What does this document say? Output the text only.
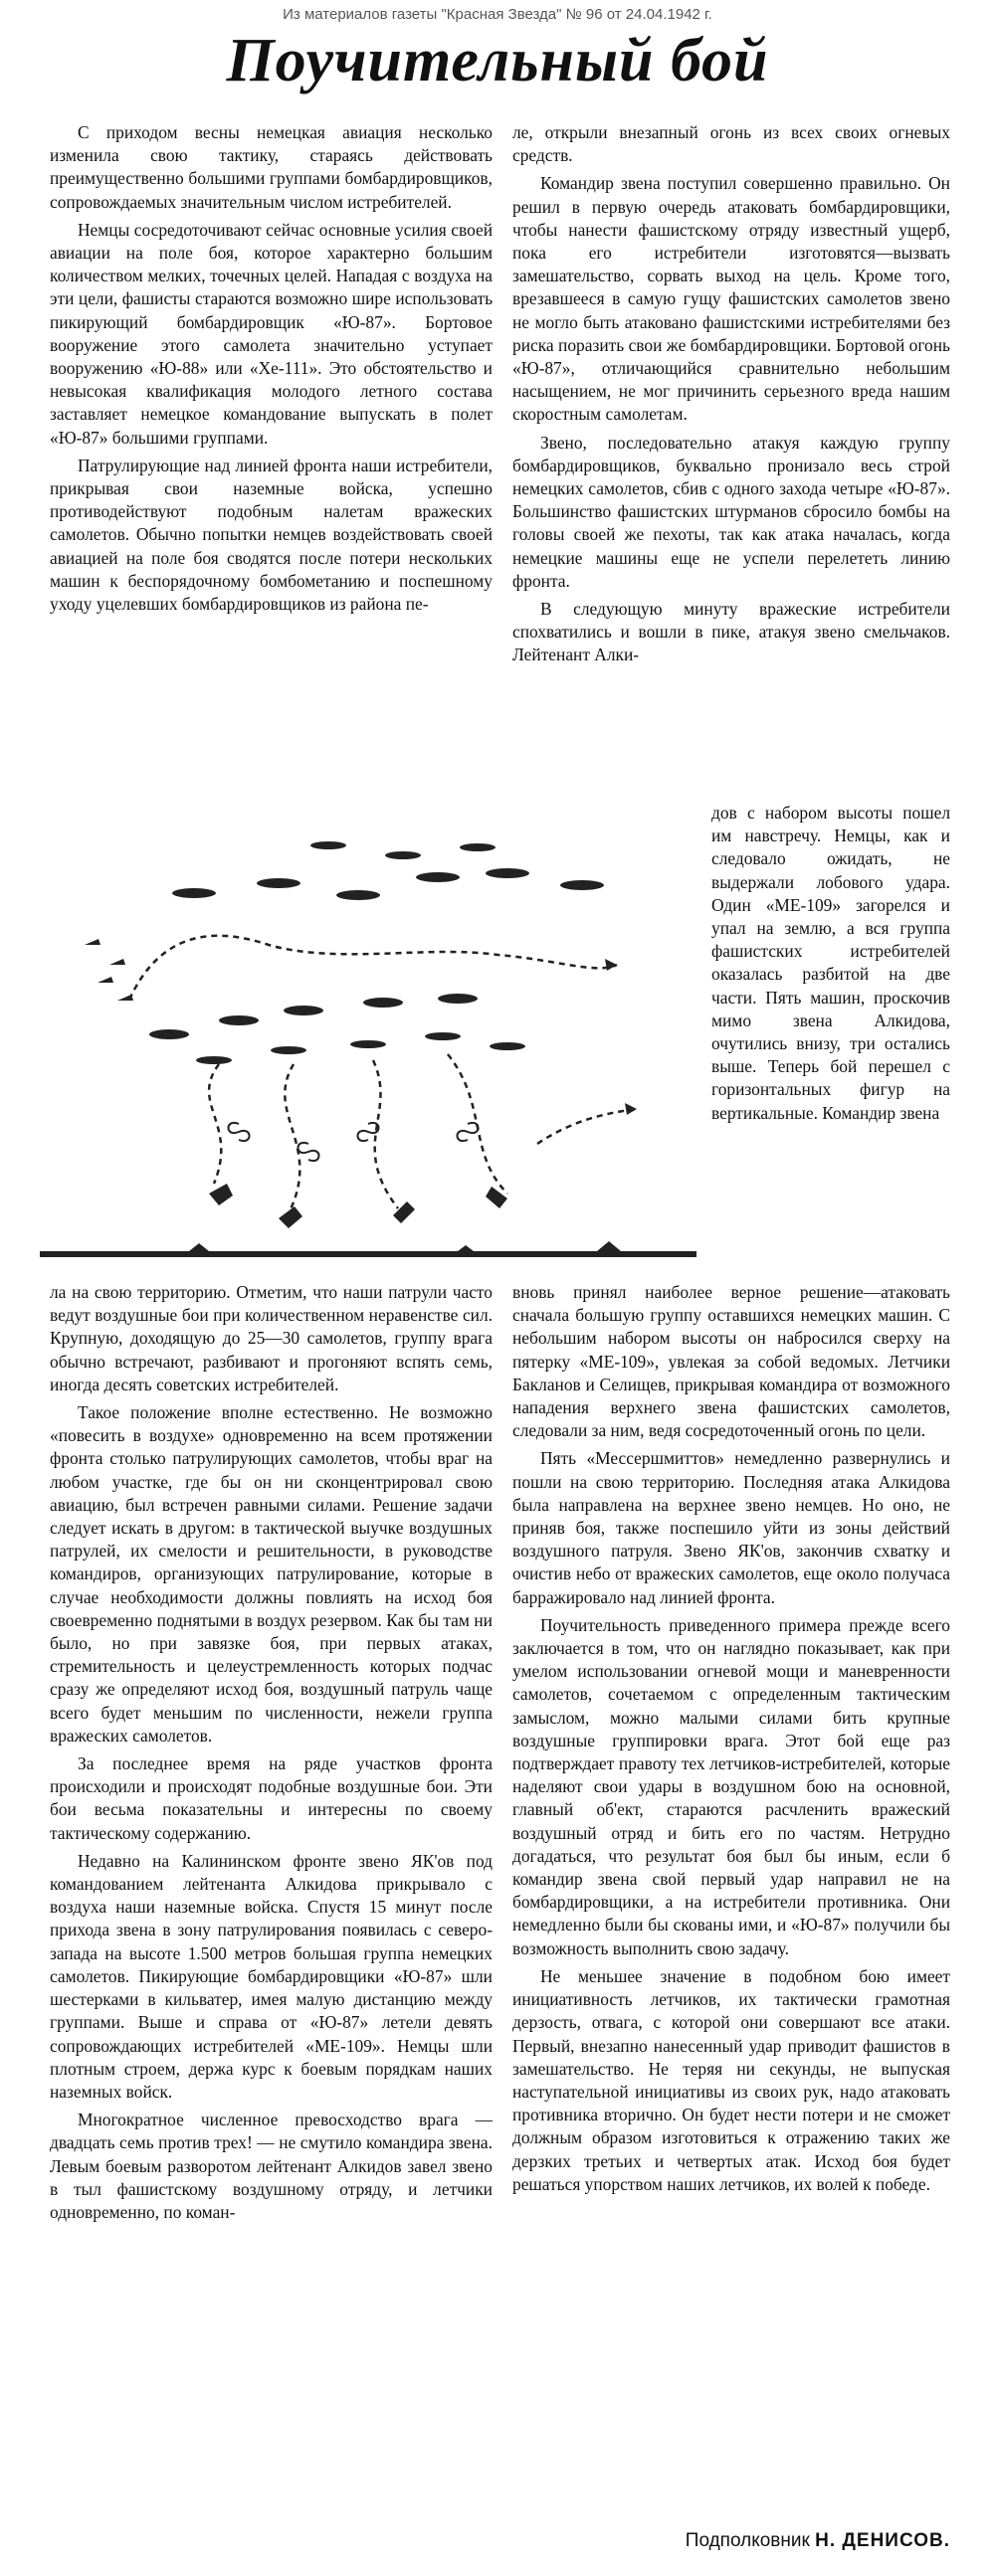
Из материалов газеты "Красная Звезда" № 96 от 24.04.1942 г.
Поучительный бой

С приходом весны немецкая авиация несколько изменила свою тактику, стараясь действовать преимущественно большими группами бомбардировщиков, сопровождаемых значительным числом истребителей.

Немцы сосредоточивают сейчас основные усилия своей авиации на поле боя, которое характерно большим количеством мелких, точечных целей. Нападая с воздуха на эти цели, фашисты стараются возможно шире использовать пикирующий бомбардировщик «Ю-87». Бортовое вооружение этого самолета значительно уступает вооружению «Ю-88» или «Хе-111». Это обстоятельство и невысокая квалификация молодого летного состава заставляет немецкое командование выпускать в полет «Ю-87» большими группами.

Патрулирующие над линией фронта наши истребители, прикрывая свои наземные войска, успешно противодействуют подобным налетам вражеских самолетов. Обычно попытки немцев воздействовать своей авиацией на поле боя сводятся после потери нескольких машин к беспорядочному бомбометанию и поспешному уходу уцелевших бомбардировщиков из района пе-

ле, открыли внезапный огонь из всех своих огневых средств.

Командир звена поступил совершенно правильно. Он решил в первую очередь атаковать бомбардировщики, чтобы нанести фашистскому отряду известный ущерб, пока его истребители изготовятся—вызвать замешательство, сорвать выход на цель. Кроме того, врезавшееся в самую гущу фашистских самолетов звено не могло быть атаковано фашистскими истребителями без риска поразить свои же бомбардировщики. Бортовой огонь «Ю-87», отличающийся сравнительно небольшим насыщением, не мог причинить серьезного вреда нашим скоростным самолетам.

Звено, последовательно атакуя каждую группу бомбардировщиков, буквально пронизало весь строй немецких самолетов, сбив с одного захода четыре «Ю-87». Большинство фашистских штурманов сбросило бомбы на головы своей же пехоты, так как атака началась, когда немецкие машины еще не успели перелететь линию фронта.

В следующую минуту вражеские истребители спохватились и вошли в пике, атакуя звено смельчаков. Лейтенант Алки-

дов с набором высоты пошел им навстречу. Немцы, как и следовало ожидать, не выдержали лобового удара. Один «МЕ-109» загорелся и упал на землю, а вся группа фашистских истребителей оказалась разбитой на две части. Пять машин, проскочив мимо звена Алкидова, очутились внизу, три остались выше. Теперь бой перешел с горизонтальных фигур на вертикальные. Командир звена

ла на свою территорию. Отметим, что наши патрули часто ведут воздушные бои при количественном неравенстве сил. Крупную, доходящую до 25—30 самолетов, группу врага обычно встречают, разбивают и прогоняют вспять семь, иногда десять советских истребителей.

Такое положение вполне естественно. Не возможно «повесить в воздухе» одновременно на всем протяжении фронта столько патрулирующих самолетов, чтобы враг на любом участке, где бы он ни сконцентрировал свою авиацию, был встречен равными силами. Решение задачи следует искать в другом: в тактической выучке воздушных патрулей, их смелости и решительности, в руководстве командиров, организующих патрулирование, которые в случае необходимости должны повлиять на исход боя своевременно поднятыми в воздух резервом. Как бы там ни было, но при завязке боя, при первых атаках, стремительность и целеустремленность которых подчас сразу же определяют исход боя, воздушный патруль чаще всего будет меньшим по численности, нежели группа вражеских самолетов.

За последнее время на ряде участков фронта происходили и происходят подобные воздушные бои. Эти бои весьма показательны и интересны по своему тактическому содержанию.

Недавно на Калининском фронте звено ЯК'ов под командованием лейтенанта Алкидова прикрывало с воздуха наши наземные войска. Спустя 15 минут после прихода звена в зону патрулирования появилась с северо-запада на высоте 1.500 метров большая группа немецких самолетов. Пикирующие бомбардировщики «Ю-87» шли шестерками в кильватер, имея малую дистанцию между группами. Выше и справа от «Ю-87» летели девять сопровождающих истребителей «МЕ-109». Немцы шли плотным строем, держа курс к боевым порядкам наших наземных войск.

Многократное численное превосходство врага — двадцать семь против трех! — не смутило командира звена. Левым боевым разворотом лейтенант Алкидов завел звено в тыл фашистскому воздушному отряду, и летчики одновременно, по коман-

вновь принял наиболее верное решение—атаковать сначала большую группу оставшихся немецких машин. С небольшим набором высоты он набросился сверху на пятерку «МЕ-109», увлекая за собой ведомых. Летчики Бакланов и Селищев, прикрывая командира от возможного нападения верхнего звена фашистских самолетов, следовали за ним, ведя сосредоточенный огонь по цели.

Пять «Мессершмиттов» немедленно развернулись и пошли на свою территорию. Последняя атака Алкидова была направлена на верхнее звено немцев. Но оно, не приняв боя, также поспешило уйти из зоны действий воздушного патруля. Звено ЯК'ов, закончив схватку и очистив небо от вражеских самолетов, еще около получаса барражировало над линией фронта.

Поучительность приведенного примера прежде всего заключается в том, что он наглядно показывает, как при умелом использовании огневой мощи и маневренности самолетов, сочетаемом с определенным тактическим замыслом, можно малыми силами бить крупные воздушные группировки врага. Этот бой еще раз подтверждает правоту тех летчиков-истребителей, которые наделяют свои удары в воздушном бою на основной, главный об'ект, стараются расчленить вражеский воздушный отряд и бить его по частям. Нетрудно догадаться, что результат боя был бы иным, если б командир звена свой первый удар направил не на бомбардировщики, а на истребители противника. Они немедленно были бы скованы ими, и «Ю-87» получили бы возможность выполнить свою задачу.

Не меньшее значение в подобном бою имеет инициативность летчиков, их тактически грамотная дерзость, отвага, с которой они совершают все атаки. Первый, внезапно нанесенный удар приводит фашистов в замешательство. Не теряя ни секунды, не выпуская наступательной инициативы из своих рук, надо атаковать противника вторично. Он будет нести потери и не сможет должным образом изготовиться к отражению таких же дерзких третьих и четвертых атак. Исход боя будет решаться упорством наших летчиков, их волей к победе.

Подполковник Н. ДЕНИСОВ.
